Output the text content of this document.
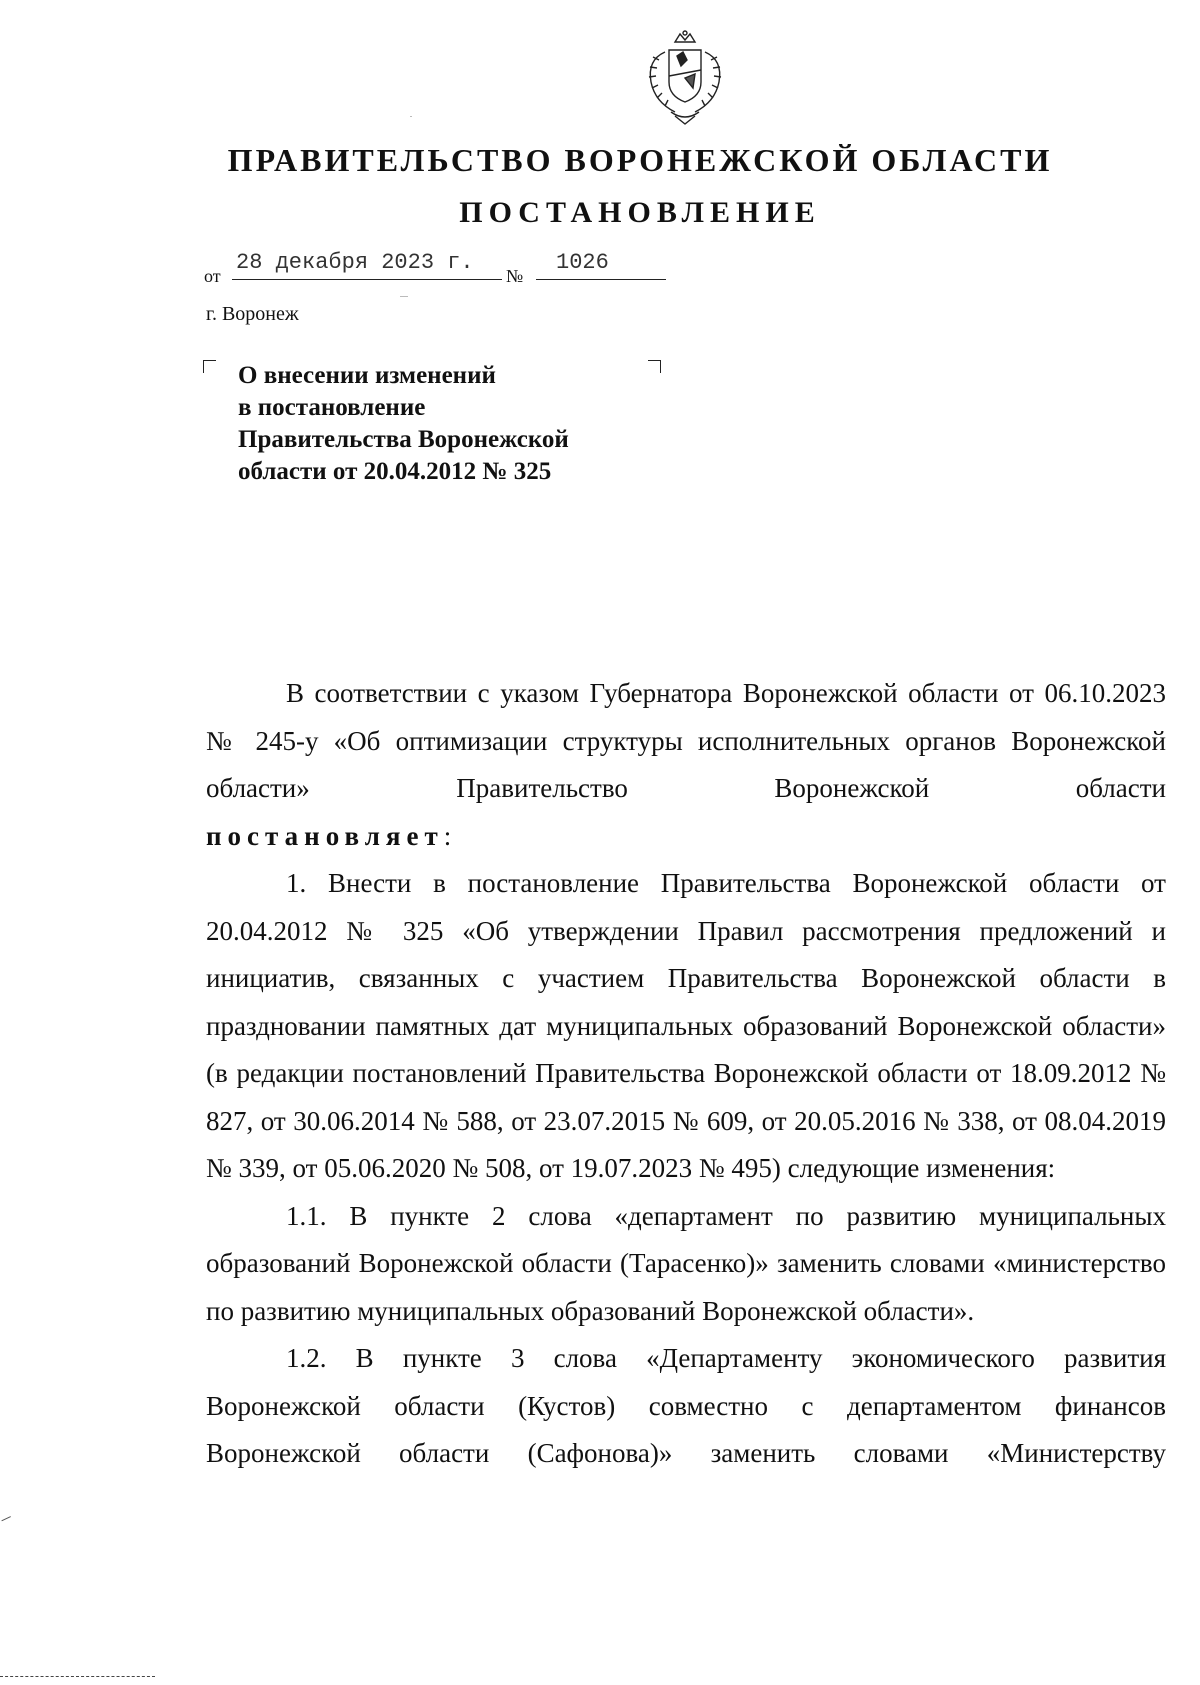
ПРАВИТЕЛЬСТВО ВОРОНЕЖСКОЙ ОБЛАСТИ
ПОСТАНОВЛЕНИЕ
от
28 декабря 2023 г.
№
1026
г. Воронеж
О внесении изменений
в постановление
Правительства Воронежской
области от 20.04.2012 № 325

В соответствии с указом Губернатора Воронежской области от 06.10.2023 № 245-у «Об оптимизации структуры исполнительных органов Воронежской области» Правительство Воронежской области

постановляет:

1. Внести в постановление Правительства Воронежской области от 20.04.2012 № 325 «Об утверждении Правил рассмотрения предложений и инициатив, связанных с участием Правительства Воронежской области в праздновании памятных дат муниципальных образований Воронежской области» (в редакции постановлений Правительства Воронежской области от 18.09.2012 № 827, от 30.06.2014 № 588, от 23.07.2015 № 609, от 20.05.2016 № 338, от 08.04.2019 № 339, от 05.06.2020 № 508, от 19.07.2023 № 495) следующие изменения:

1.1. В пункте 2 слова «департамент по развитию муниципальных образований Воронежской области (Тарасенко)» заменить словами «министерство по развитию муниципальных образований Воронежской области».

1.2. В пункте 3 слова «Департаменту экономического развития Воронежской области (Кустов) совместно с департаментом финансов Воронежской области (Сафонова)» заменить словами «Министерству
